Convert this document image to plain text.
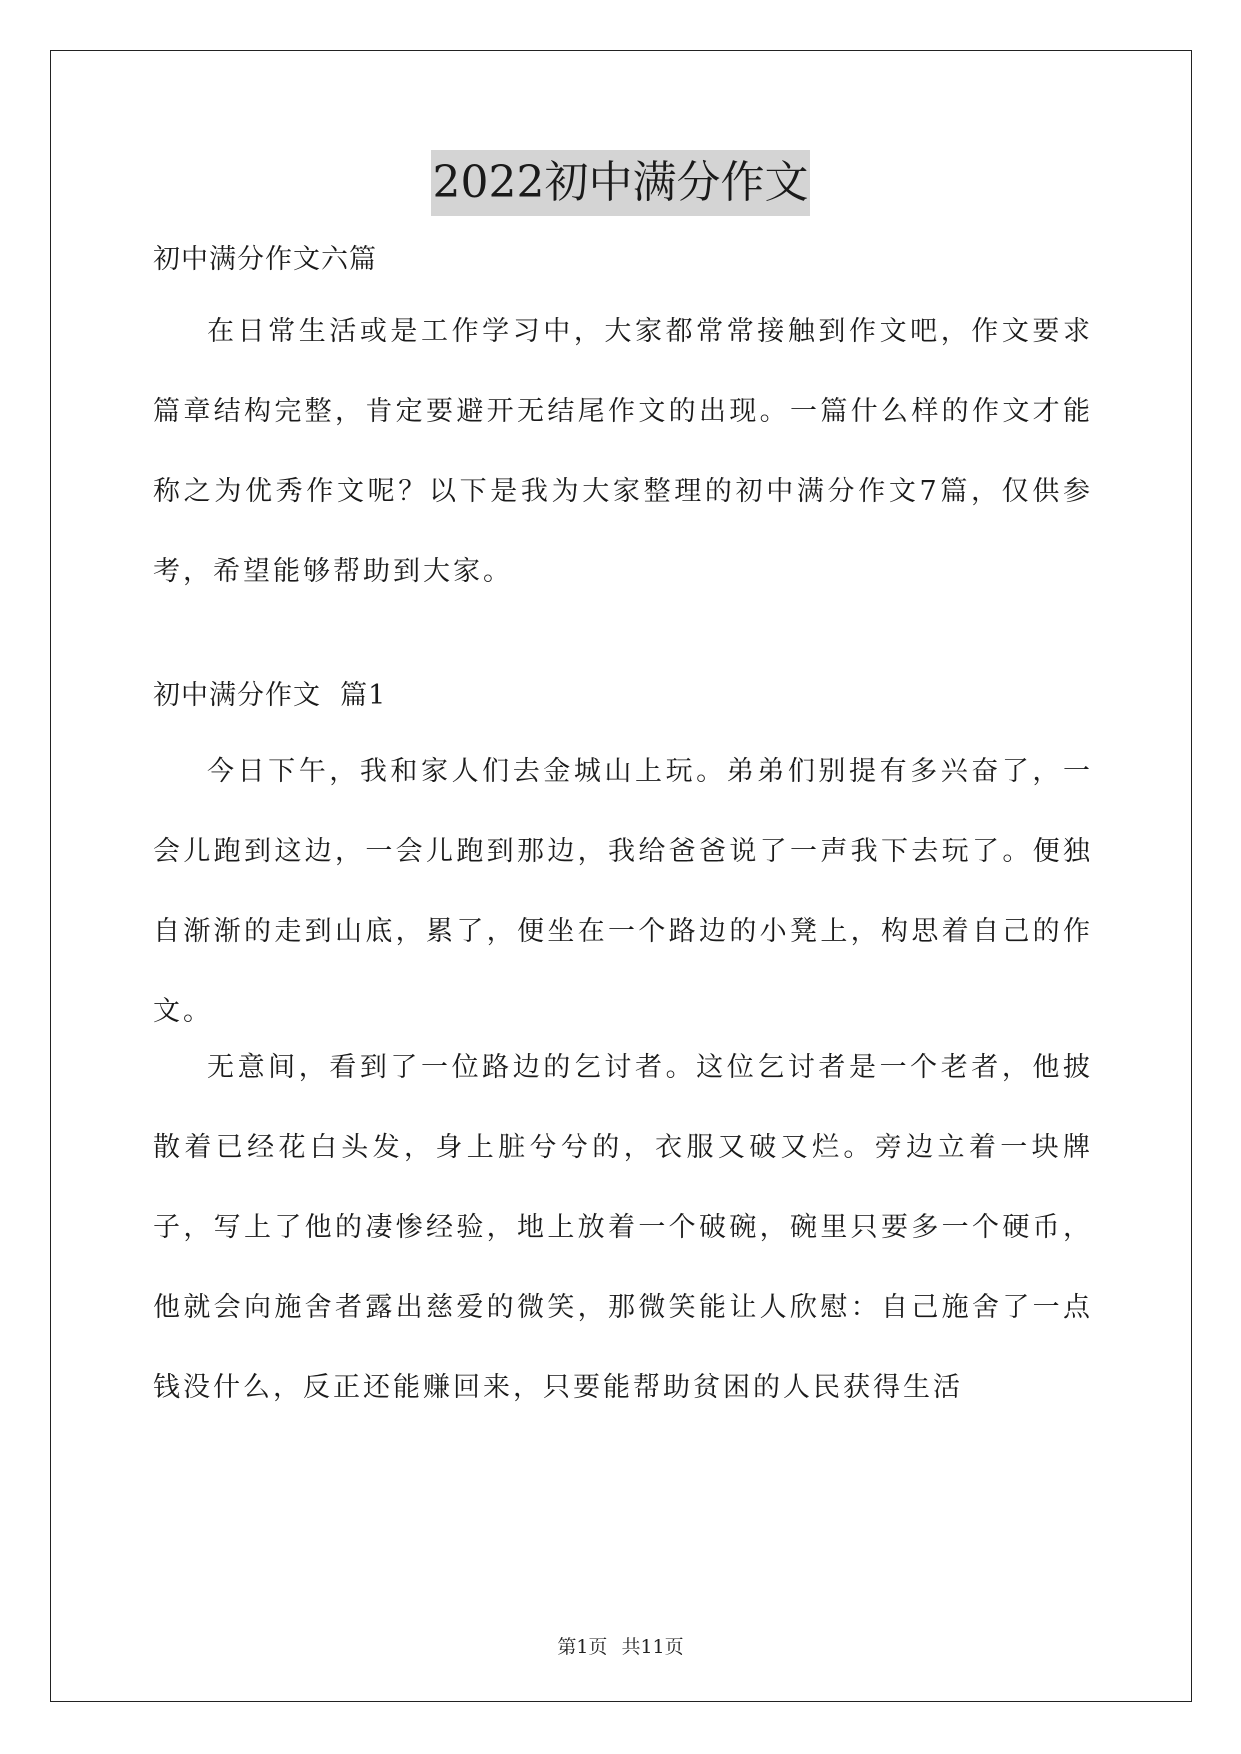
2022初中满分作文
初中满分作文六篇

在日常生活或是工作学习中，大家都常常接触到作文吧，作文要求篇章结构完整，肯定要避开无结尾作文的出现。一篇什么样的作文才能称之为优秀作文呢？以下是我为大家整理的初中满分作文7篇，仅供参考，希望能够帮助到大家。

初中满分作文  篇1

今日下午，我和家人们去金城山上玩。弟弟们别提有多兴奋了，一会儿跑到这边，一会儿跑到那边，我给爸爸说了一声我下去玩了。便独自渐渐的走到山底，累了，便坐在一个路边的小凳上，构思着自己的作文。

无意间，看到了一位路边的乞讨者。这位乞讨者是一个老者，他披散着已经花白头发，身上脏兮兮的，衣服又破又烂。旁边立着一块牌子，写上了他的凄惨经验，地上放着一个破碗，碗里只要多一个硬币，他就会向施舍者露出慈爱的微笑，那微笑能让人欣慰：自己施舍了一点钱没什么，反正还能赚回来，只要能帮助贫困的人民获得生活

第1页 共11页
